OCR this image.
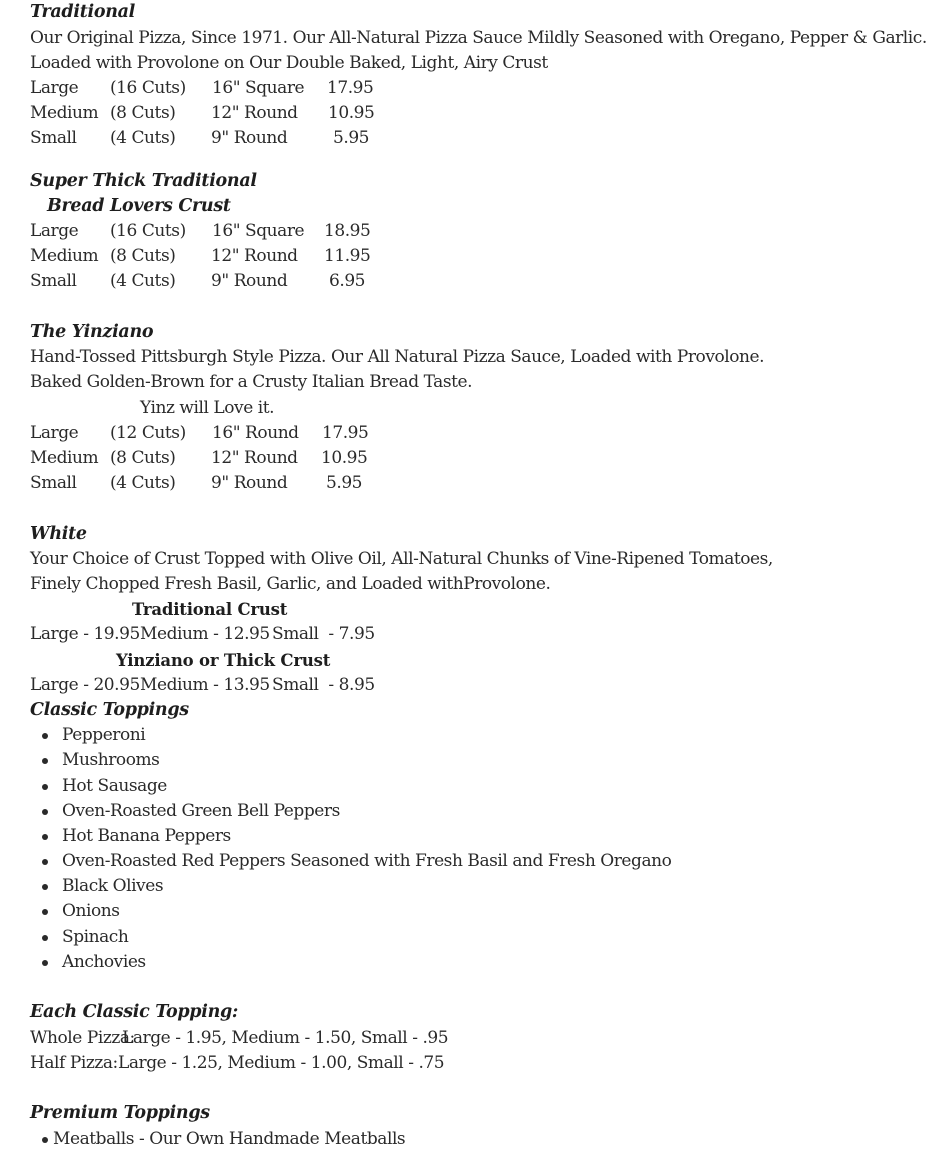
Traditional
Our Original Pizza, Since 1971. Our All-Natural Pizza Sauce Mildly Seasoned with Oregano, Pepper & Garlic.
Loaded with Provolone on Our Double Baked, Light, Airy Crust
Large (16 Cuts) 16" Square 17.95
Medium (8 Cuts) 12" Round 10.95
Small (4 Cuts) 9" Round	5.95
Super Thick Traditional
Bread Lovers Crust
Large (16 Cuts) 16" Square 18.95
Medium (8 Cuts) 12" Round 11.95
Small (4 Cuts) 9" Round 6.95
The Yinziano
Hand-Tossed Pittsburgh Style Pizza. Our All Natural Pizza Sauce, Loaded with Provolone.
Baked Golden-Brown for a Crusty Italian Bread Taste.
Yinz will Love it.
Large (12 Cuts) 16" Round 17.95
Medium (8 Cuts) 12" Round 10.95
Small (4 Cuts) 9" Round 5.95
White
Your Choice of Crust Topped with Olive Oil, All-Natural Chunks of Vine-Ripened Tomatoes,
Finely Chopped Fresh Basil, Garlic, and Loaded withProvolone.
Traditional Crust
Large - 19.95 Medium - 12.95 Small  - 7.95
Yinziano or Thick Crust
Large - 20.95 Medium - 13.95 Small  - 8.95
Classic Toppings
Pepperoni
Mushrooms
Hot Sausage
Oven-Roasted Green Bell Peppers
Hot Banana Peppers
Oven-Roasted Red Peppers Seasoned with Fresh Basil and Fresh Oregano
Black Olives
Onions
Spinach
Anchovies
Each Classic Topping:
Whole Pizza:
Large - 1.95, Medium - 1.50, Small - .95
Half Pizza: Large - 1.25, Medium - 1.00, Small - .75
Premium Toppings
Meatballs - Our Own Handmade Meatballs
